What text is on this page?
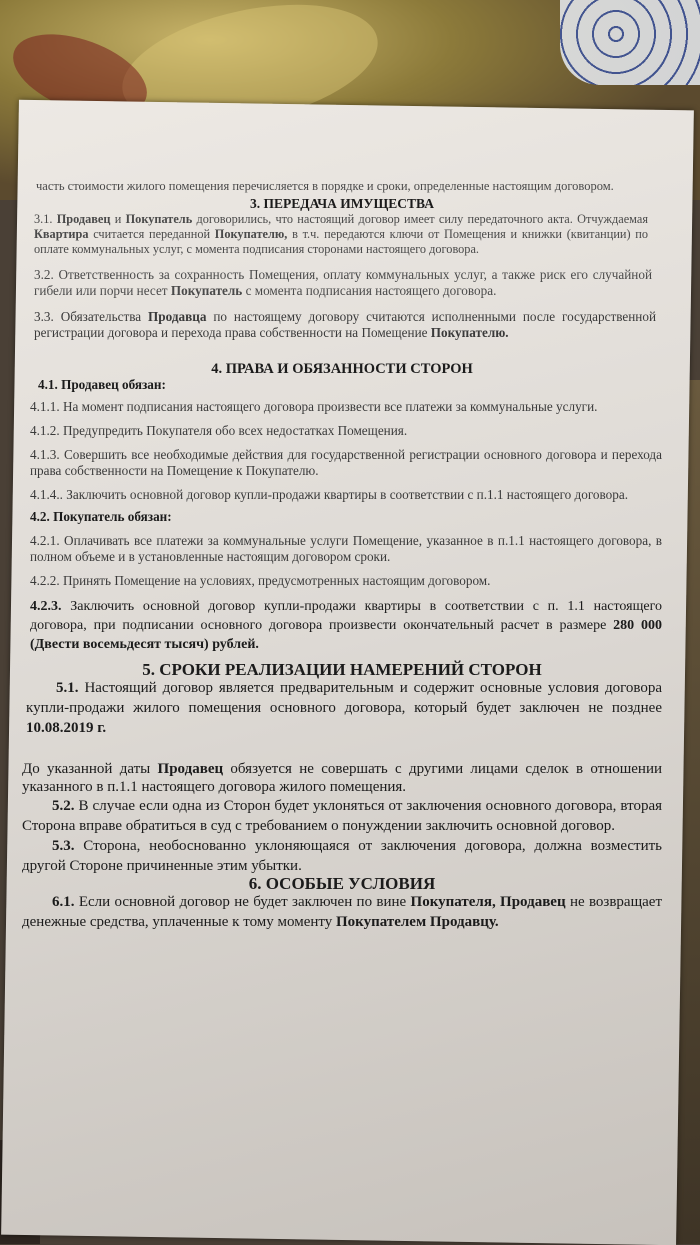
часть стоимости жилого помещения перечисляется в порядке и сроки, определенные настоящим договором.

3. ПЕРЕДАЧА ИМУЩЕСТВА

3.1. Продавец и Покупатель договорились, что настоящий договор имеет силу передаточного акта. Отчуждаемая Квартира считается переданной Покупателю, в т.ч. передаются ключи от Помещения и книжки (квитанции) по оплате коммунальных услуг, с момента подписания сторонами настоящего договора.

3.2. Ответственность за сохранность Помещения, оплату коммунальных услуг, а также риск его случайной гибели или порчи несет Покупатель с момента подписания настоящего договора.

3.3. Обязательства Продавца по настоящему договору считаются исполненными после государственной регистрации договора и перехода права собственности на Помещение Покупателю.

4. ПРАВА И ОБЯЗАННОСТИ СТОРОН

4.1. Продавец обязан:

4.1.1. На момент подписания настоящего договора произвести все платежи за коммунальные услуги.

4.1.2. Предупредить Покупателя обо всех недостатках Помещения.

4.1.3. Совершить все необходимые действия для государственной регистрации основного договора и перехода права собственности на Помещение к Покупателю.

4.1.4.. Заключить основной договор купли-продажи квартиры в соответствии с п.1.1 настоящего договора.

4.2. Покупатель обязан:

4.2.1. Оплачивать все платежи за коммунальные услуги Помещение, указанное в п.1.1 настоящего договора, в полном объеме и в установленные настоящим договором сроки.

4.2.2. Принять Помещение на условиях, предусмотренных настоящим договором.

4.2.3. Заключить основной договор купли-продажи квартиры в соответствии с п. 1.1 настоящего договора, при подписании основного договора произвести окончательный расчет в размере 280 000 (Двести восемьдесят тысяч) рублей.

5. СРОКИ РЕАЛИЗАЦИИ НАМЕРЕНИЙ СТОРОН

5.1. Настоящий договор является предварительным и содержит основные условия договора купли-продажи жилого помещения основного договора, который будет заключен не позднее 10.08.2019 г.

До указанной даты Продавец обязуется не совершать с другими лицами сделок в отношении указанного в п.1.1 настоящего договора жилого помещения.

5.2. В случае если одна из Сторон будет уклоняться от заключения основного договора, вторая Сторона вправе обратиться в суд с требованием о понуждении заключить основной договор.

5.3. Сторона, необоснованно уклоняющаяся от заключения договора, должна возместить другой Стороне причиненные этим убытки.

6. ОСОБЫЕ УСЛОВИЯ

6.1. Если основной договор не будет заключен по вине Покупателя, Продавец не возвращает денежные средства, уплаченные к тому моменту Покупателем Продавцу.
